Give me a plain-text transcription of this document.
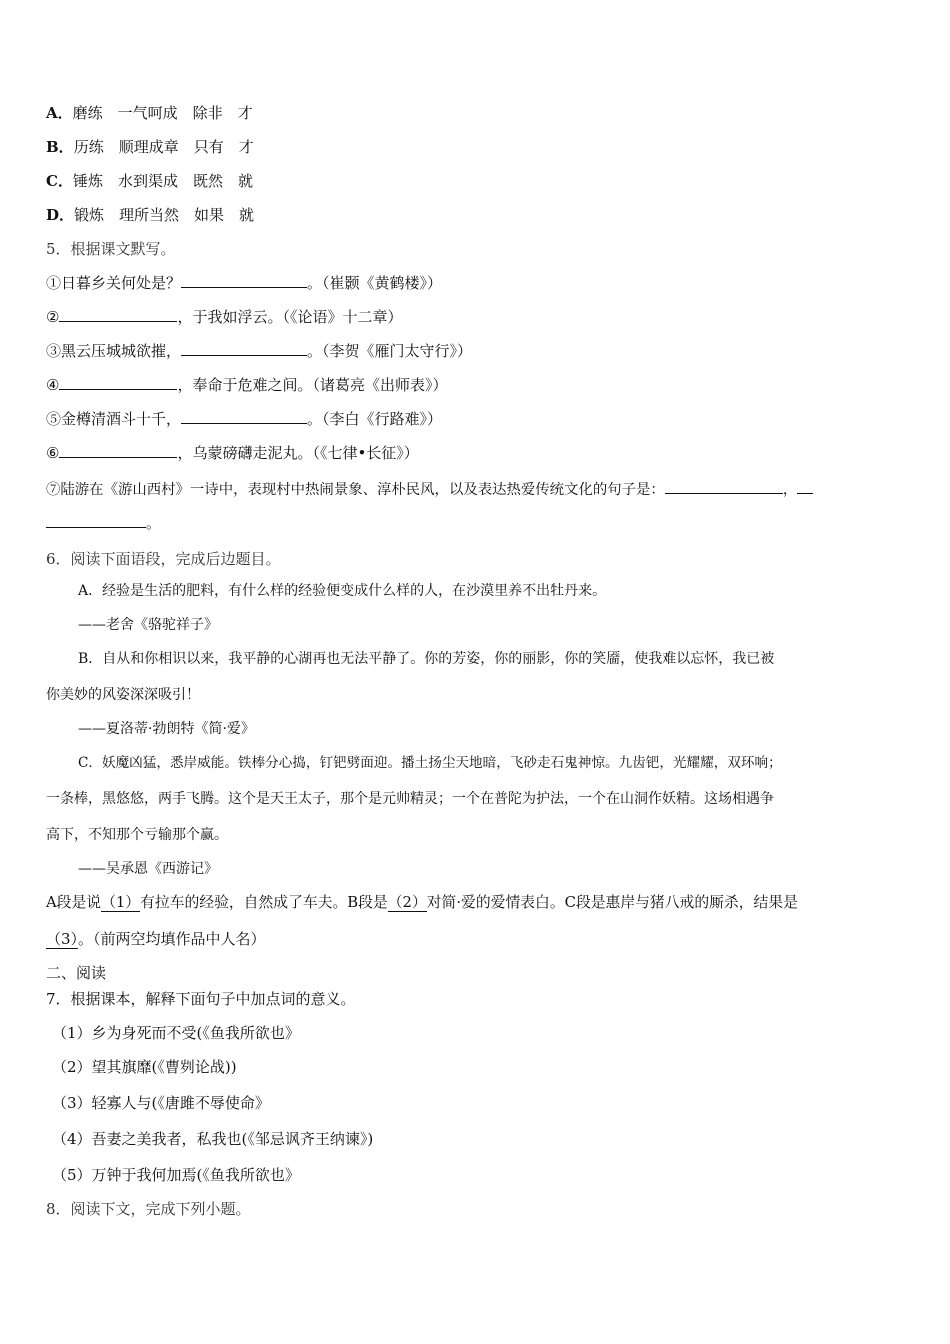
A．磨练　一气呵成　除非　才
B．历练　顺理成章　只有　才
C．锤炼　水到渠成　既然　就
D．锻炼　理所当然　如果　就
5．根据课文默写。
①日暮乡关何处是？	。（崔颢《黄鹤楼》）
②	，于我如浮云。（《论语》十二章）
③黑云压城城欲摧，	。（李贺《雁门太守行》）
④	，奉命于危难之间。（诸葛亮《出师表》）
⑤金樽清酒斗十千，	。（李白《行路难》）
⑥	，乌蒙磅礴走泥丸。（《七律•长征》）
⑦陆游在《游山西村》一诗中，表现村中热闹景象、淳朴民风，以及表达热爱传统文化的句子是：	，
。
6．阅读下面语段，完成后边题目。
A．经验是生活的肥料，有什么样的经验便变成什么样的人，在沙漠里养不出牡丹来。
——老舍《骆驼祥子》
B．自从和你相识以来，我平静的心湖再也无法平静了。你的芳姿，你的丽影，你的笑靥，使我难以忘怀，我已被
你美妙的风姿深深吸引！
——夏洛蒂·勃朗特《简·爱》
C．妖魔凶猛，悉岸威能。铁棒分心捣，钉钯劈面迎。播土扬尘天地暗，飞砂走石鬼神惊。九齿钯，光耀耀，双环响；
一条棒，黑悠悠，两手飞腾。这个是天王太子，那个是元帅精灵；一个在普陀为护法，一个在山洞作妖精。这场相遇争
高下，不知那个亏输那个赢。
——吴承恩《西游记》
A段是说（1）有拉车的经验，自然成了车夫。B段是（2）对简·爱的爱情表白。C段是惠岸与猪八戒的厮杀，结果是
（3）。（前两空均填作品中人名）
二、阅读
7．根据课本，解释下面句子中加点词的意义。
（1）乡为身死而不受(《鱼我所欲也》
（2）望其旗靡(《曹刿论战))
（3）轻寡人与(《唐雎不辱使命》
（4）吾妻之美我者，私我也(《邹忌讽齐王纳谏》)
（5）万钟于我何加焉(《鱼我所欲也》
8．阅读下文，完成下列小题。
